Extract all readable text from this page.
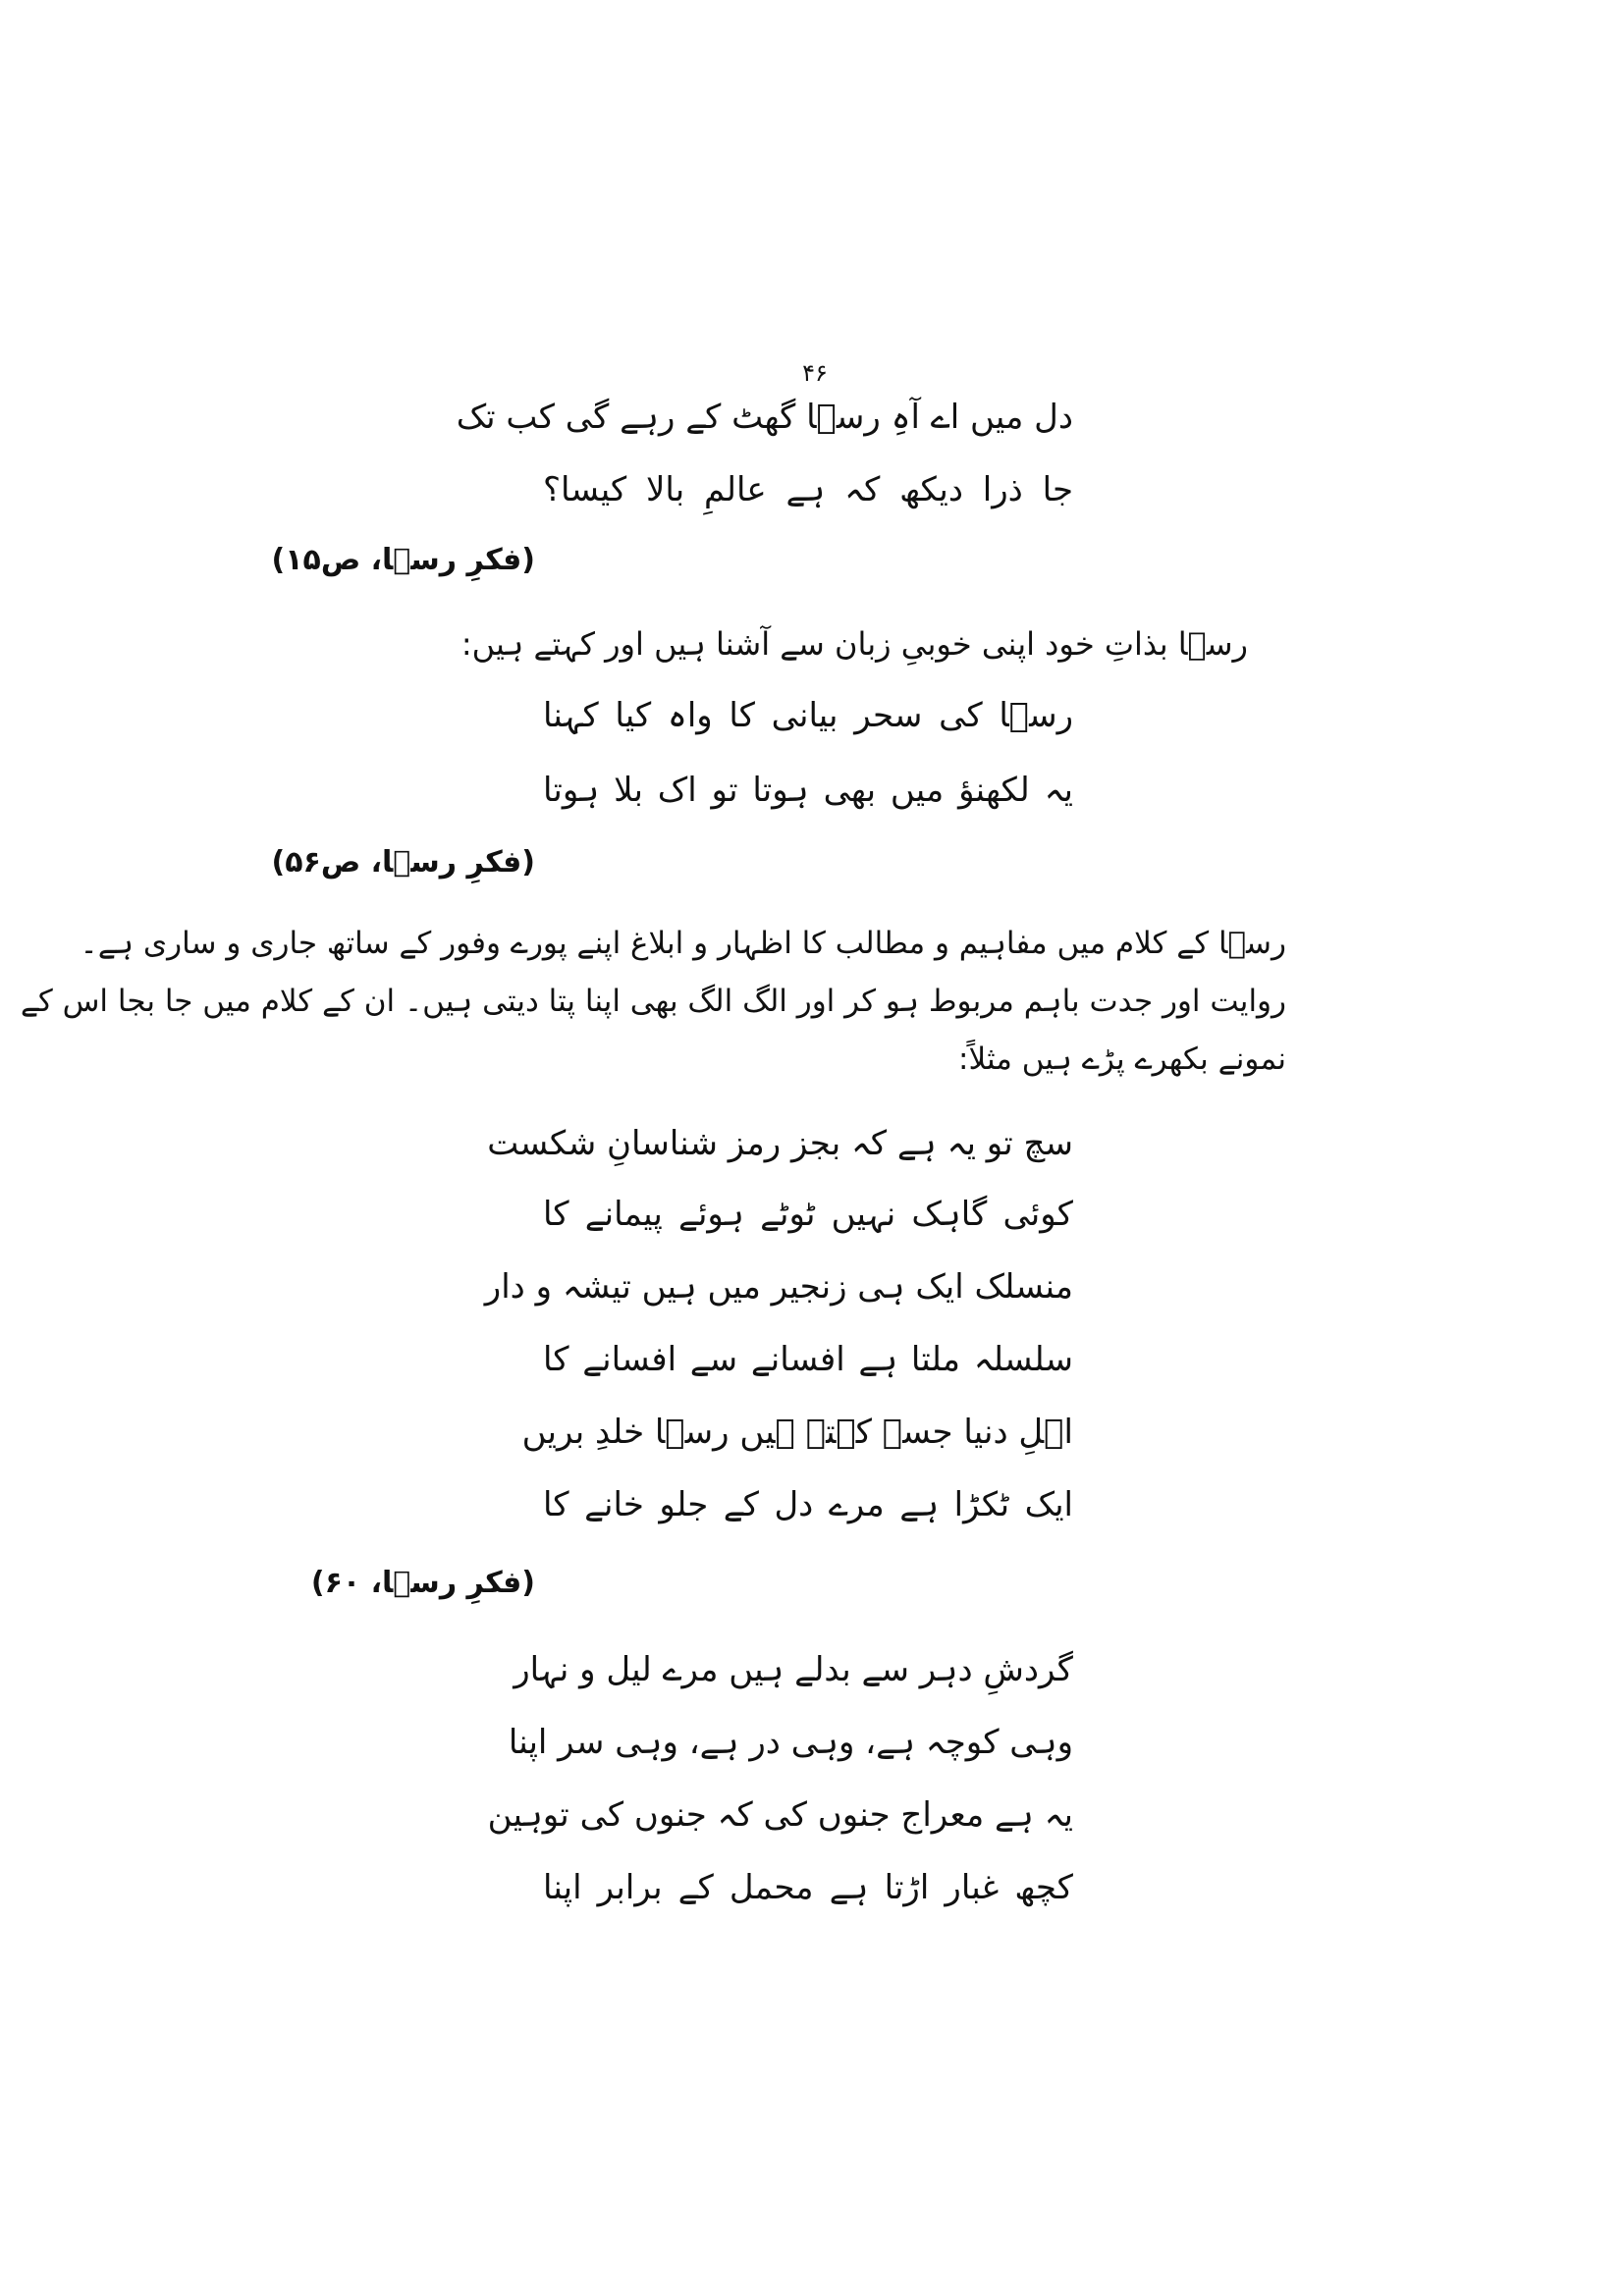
۴۶
دل میں اے آہِ رسؔا گھٹ کے رہے گی کب تک
جا ذرا دیکھ کہ ہے عالمِ بالا کیسا؟
(فکرِ رسؔا، ص۱۵)
رسؔا بذاتِ خود اپنی خوبیِ زبان سے آشنا ہیں اور کہتے ہیں:
رسؔا کی سحر بیانی کا واہ کیا کہنا
یہ لکھنؤ میں بھی ہوتا تو اک بلا ہوتا
(فکرِ رسؔا، ص۵۶)
رسؔا کے کلام میں مفاہیم و مطالب کا اظہار و ابلاغ اپنے پورے وفور کے ساتھ جاری و ساری ہے۔
روایت اور جدت باہم مربوط ہو کر اور الگ الگ بھی اپنا پتا دیتی ہیں۔ ان کے کلام میں جا بجا اس کے
نمونے بکھرے پڑے ہیں مثلاً:
سچ تو یہ ہے کہ بجز رمز شناسانِ شکست
کوئی گاہک نہیں ٹوٹے ہوئے پیمانے کا
منسلک ایک ہی زنجیر میں ہیں تیشہ و دار
سلسلہ ملتا ہے افسانے سے افسانے کا
اہلِ دنیا جسے کہتے ہیں رسؔا خلدِ بریں
ایک ٹکڑا ہے مرے دل کے جلو خانے کا
(فکرِ رسؔا، ۶۰)
گردشِ دہر سے بدلے ہیں مرے لیل و نہار
وہی کوچہ ہے، وہی در ہے، وہی سر اپنا
یہ ہے معراج جنوں کی کہ جنوں کی توہین
کچھ غبار اڑتا ہے محمل کے برابر اپنا
